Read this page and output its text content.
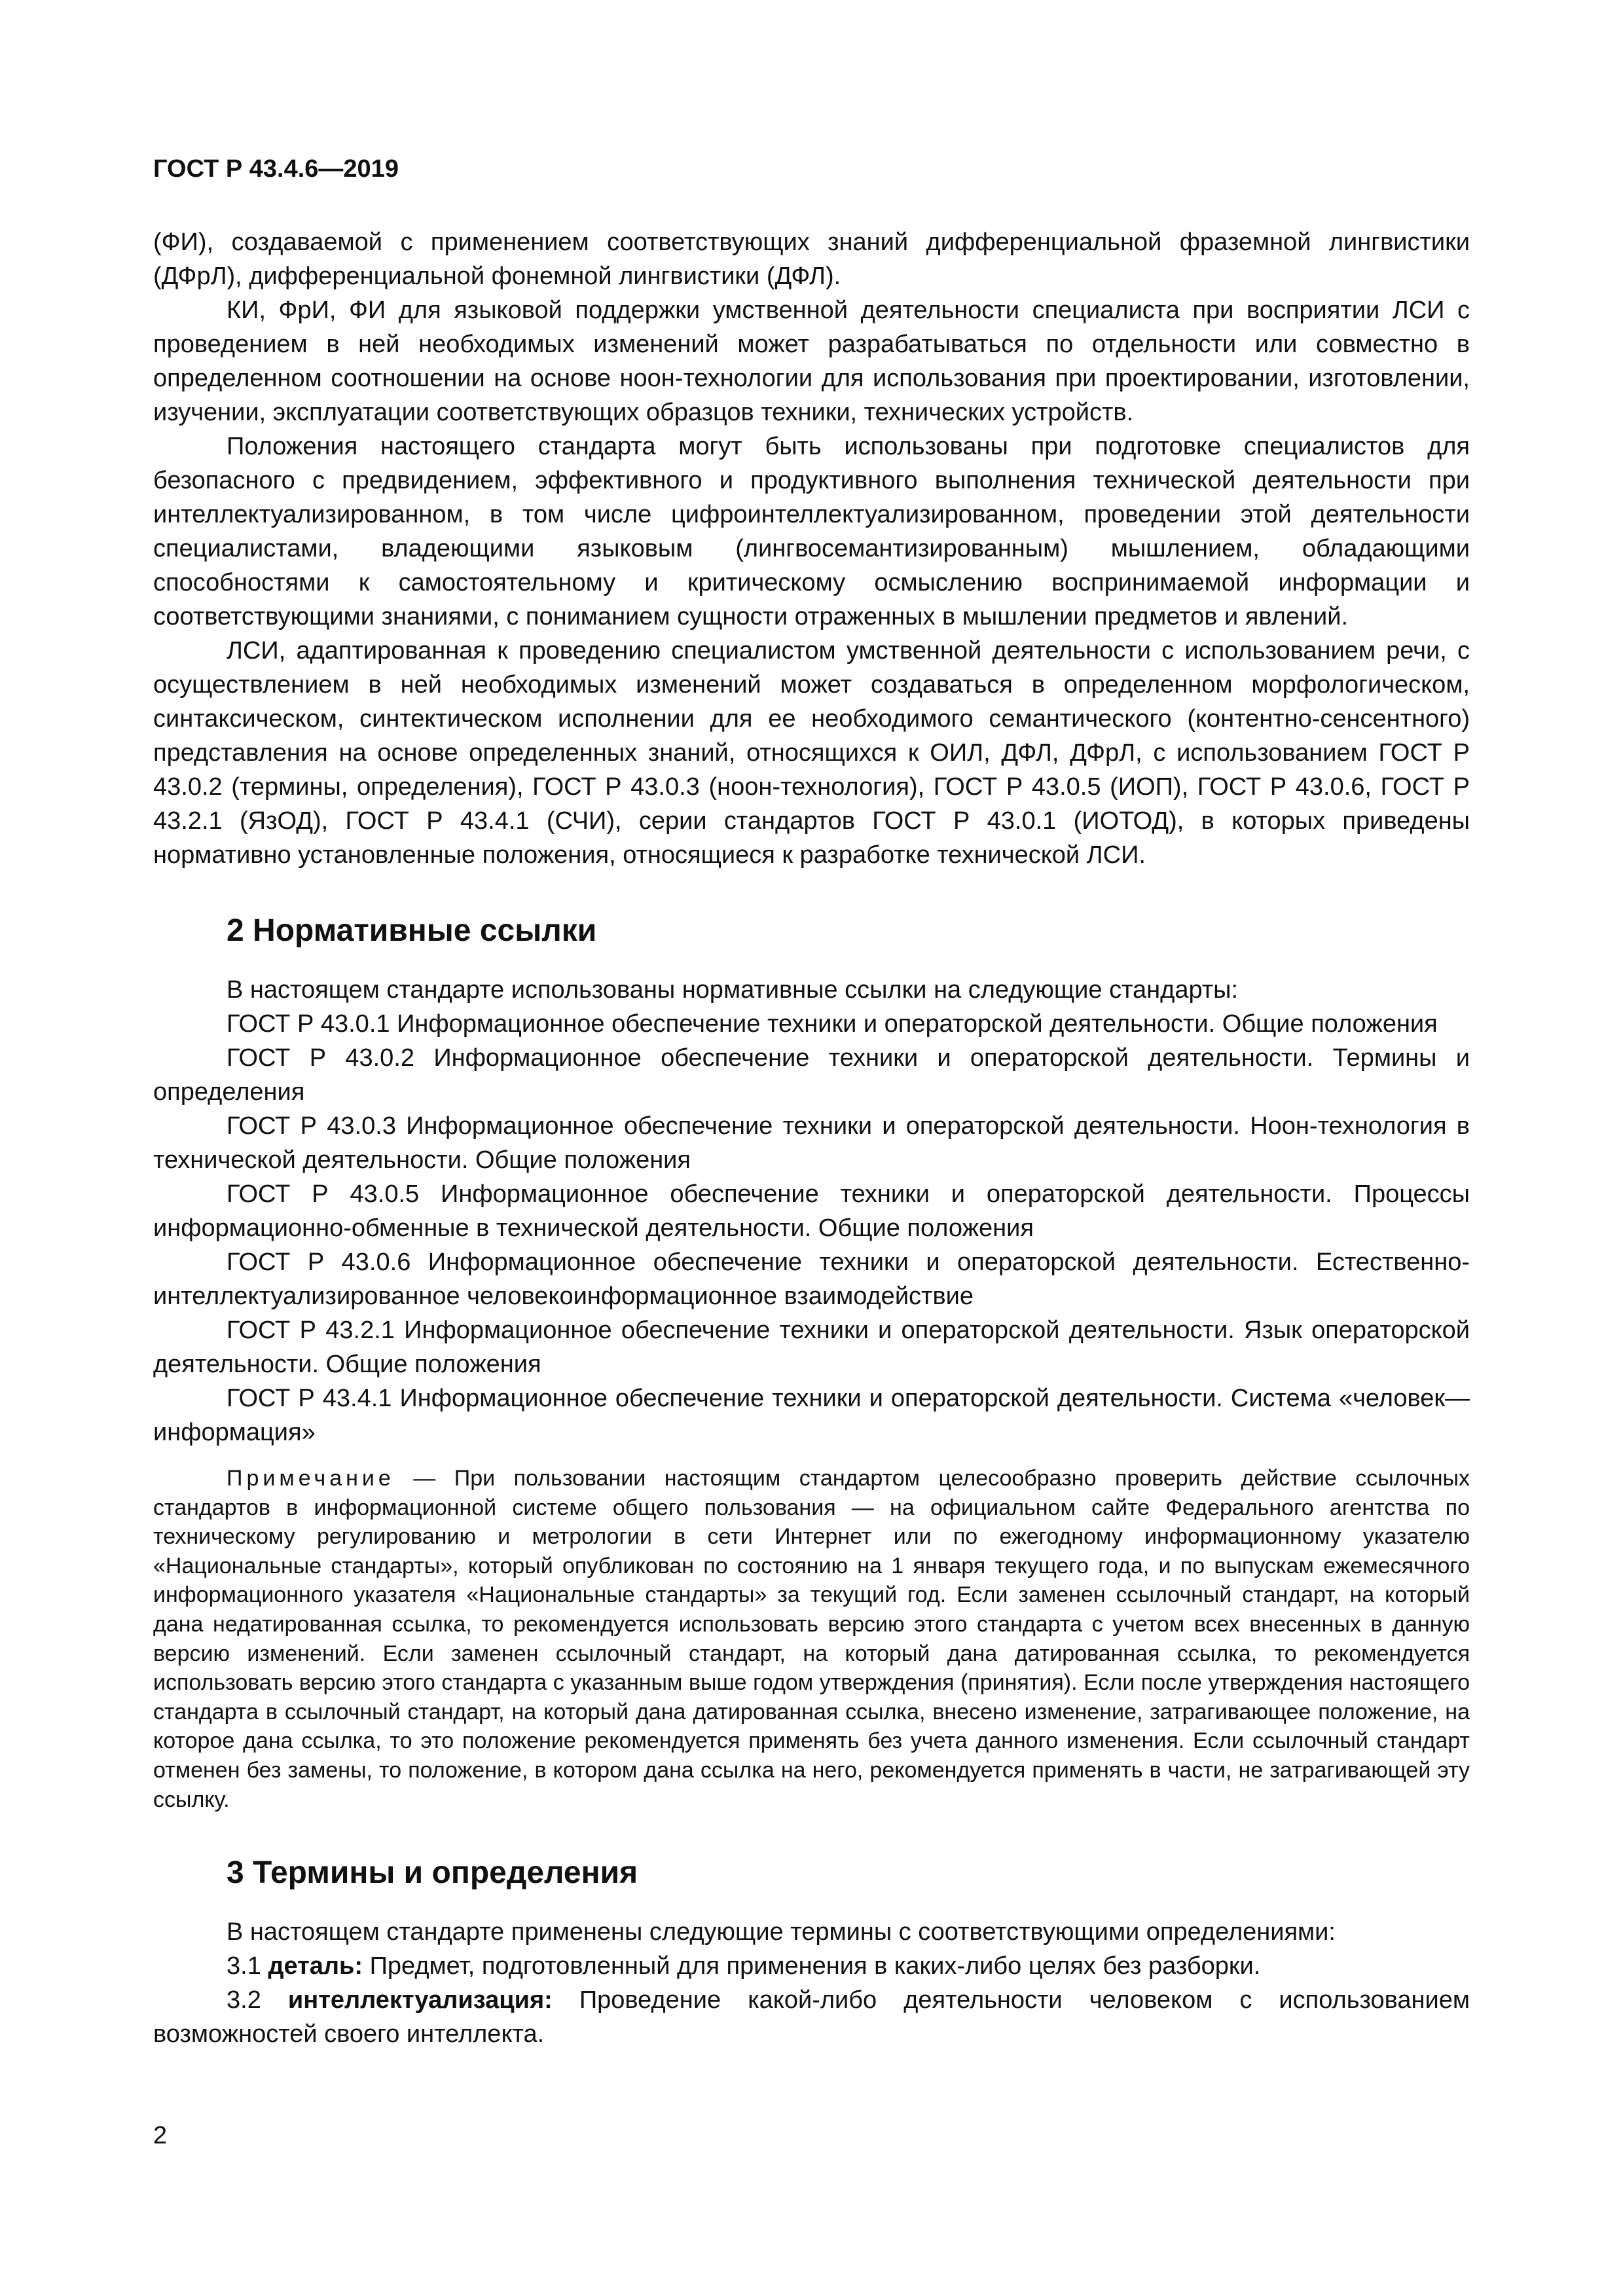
ГОСТ Р 43.4.6—2019

(ФИ), создаваемой с применением соответствующих знаний дифференциальной фраземной лингвистики (ДФрЛ), дифференциальной фонемной лингвистики (ДФЛ).

КИ, ФрИ, ФИ для языковой поддержки умственной деятельности специалиста при восприятии ЛСИ с проведением в ней необходимых изменений может разрабатываться по отдельности или совместно в определенном соотношении на основе ноон-технологии для использования при проектировании, изготовлении, изучении, эксплуатации соответствующих образцов техники, технических устройств.

Положения настоящего стандарта могут быть использованы при подготовке специалистов для безопасного с предвидением, эффективного и продуктивного выполнения технической деятельности при интеллектуализированном, в том числе цифроинтеллектуализированном, проведении этой деятельности специалистами, владеющими языковым (лингвосемантизированным) мышлением, обладающими способностями к самостоятельному и критическому осмыслению воспринимаемой информации и соответствующими знаниями, с пониманием сущности отраженных в мышлении предметов и явлений.

ЛСИ, адаптированная к проведению специалистом умственной деятельности с использованием речи, с осуществлением в ней необходимых изменений может создаваться в определенном морфологическом, синтаксическом, синтектическом исполнении для ее необходимого семантического (контентно-сенсентного) представления на основе определенных знаний, относящихся к ОИЛ, ДФЛ, ДФрЛ, с использованием ГОСТ Р 43.0.2 (термины, определения), ГОСТ Р 43.0.3 (ноон-технология), ГОСТ Р 43.0.5 (ИОП), ГОСТ Р 43.0.6, ГОСТ Р 43.2.1 (ЯзОД), ГОСТ Р 43.4.1 (СЧИ), серии стандартов ГОСТ Р 43.0.1 (ИОТОД), в которых приведены нормативно установленные положения, относящиеся к разработке технической ЛСИ.

2 Нормативные ссылки

В настоящем стандарте использованы нормативные ссылки на следующие стандарты:

ГОСТ Р 43.0.1 Информационное обеспечение техники и операторской деятельности. Общие положения

ГОСТ Р 43.0.2 Информационное обеспечение техники и операторской деятельности. Термины и определения

ГОСТ Р 43.0.3 Информационное обеспечение техники и операторской деятельности. Ноон-технология в технической деятельности. Общие положения

ГОСТ Р 43.0.5 Информационное обеспечение техники и операторской деятельности. Процессы информационно-обменные в технической деятельности. Общие положения

ГОСТ Р 43.0.6 Информационное обеспечение техники и операторской деятельности. Естественно-интеллектуализированное человекоинформационное взаимодействие

ГОСТ Р 43.2.1 Информационное обеспечение техники и операторской деятельности. Язык операторской деятельности. Общие положения

ГОСТ Р 43.4.1 Информационное обеспечение техники и операторской деятельности. Система «человек—информация»

Примечание — При пользовании настоящим стандартом целесообразно проверить действие ссылочных стандартов в информационной системе общего пользования — на официальном сайте Федерального агентства по техническому регулированию и метрологии в сети Интернет или по ежегодному информационному указателю «Национальные стандарты», который опубликован по состоянию на 1 января текущего года, и по выпускам ежемесячного информационного указателя «Национальные стандарты» за текущий год. Если заменен ссылочный стандарт, на который дана недатированная ссылка, то рекомендуется использовать версию этого стандарта с учетом всех внесенных в данную версию изменений. Если заменен ссылочный стандарт, на который дана датированная ссылка, то рекомендуется использовать версию этого стандарта с указанным выше годом утверждения (принятия). Если после утверждения настоящего стандарта в ссылочный стандарт, на который дана датированная ссылка, внесено изменение, затрагивающее положение, на которое дана ссылка, то это положение рекомендуется применять без учета данного изменения. Если ссылочный стандарт отменен без замены, то положение, в котором дана ссылка на него, рекомендуется применять в части, не затрагивающей эту ссылку.

3 Термины и определения

В настоящем стандарте применены следующие термины с соответствующими определениями:

3.1 деталь: Предмет, подготовленный для применения в каких-либо целях без разборки.

3.2 интеллектуализация: Проведение какой-либо деятельности человеком с использованием возможностей своего интеллекта.

2
